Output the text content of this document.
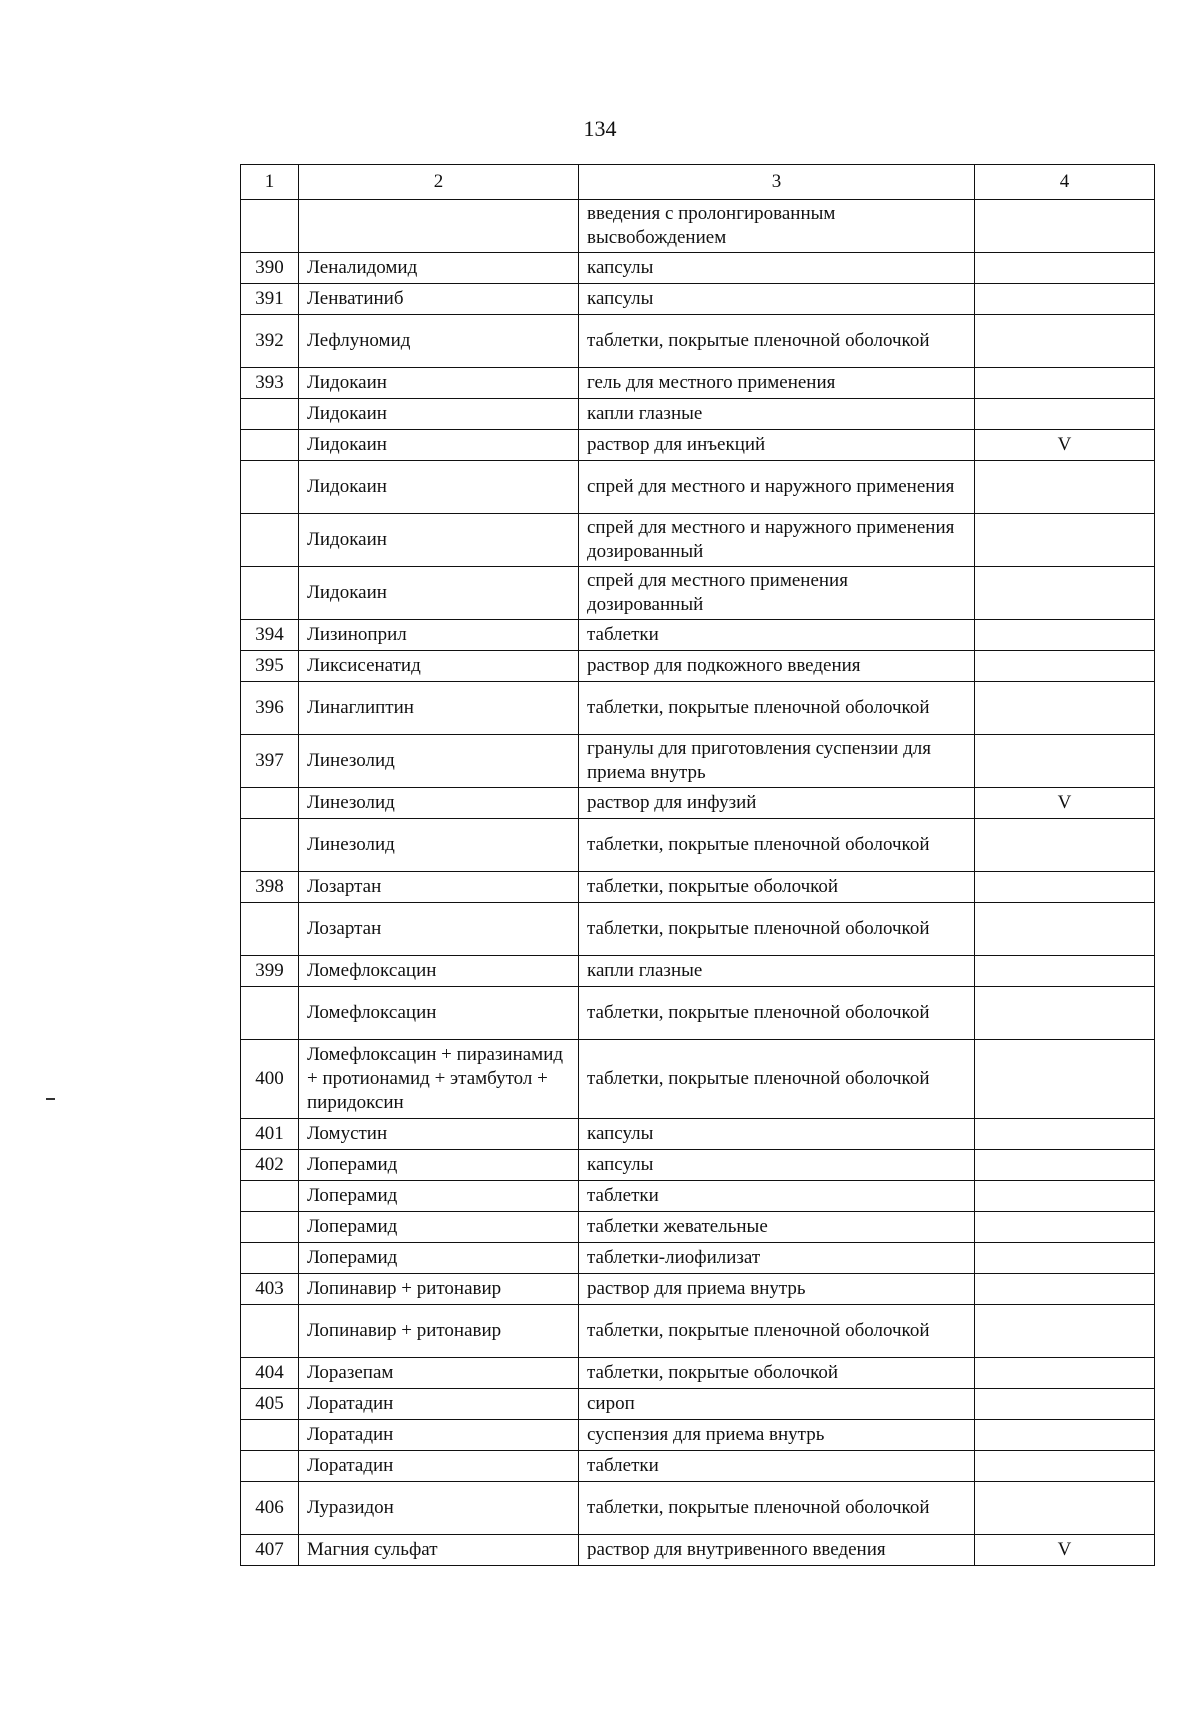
134
1	2	3	4
		введения с пролонгированным высвобождением	
390	Леналидомид	капсулы	
391	Ленватиниб	капсулы	
392	Лефлуномид	таблетки, покрытые пленочной оболочкой	
393	Лидокаин	гель для местного применения	
	Лидокаин	капли глазные	
	Лидокаин	раствор для инъекций	V
	Лидокаин	спрей для местного и наружного применения	
	Лидокаин	спрей для местного и наружного применения дозированный	
	Лидокаин	спрей для местного применения дозированный	
394	Лизиноприл	таблетки	
395	Ликсисенатид	раствор для подкожного введения	
396	Линаглиптин	таблетки, покрытые пленочной оболочкой	
397	Линезолид	гранулы для приготовления суспензии для приема внутрь	
	Линезолид	раствор для инфузий	V
	Линезолид	таблетки, покрытые пленочной оболочкой	
398	Лозартан	таблетки, покрытые оболочкой	
	Лозартан	таблетки, покрытые пленочной оболочкой	
399	Ломефлоксацин	капли глазные	
	Ломефлоксацин	таблетки, покрытые пленочной оболочкой	
400	Ломефлоксацин + пиразинамид + протионамид + этамбутол + пиридоксин	таблетки, покрытые пленочной оболочкой	
401	Ломустин	капсулы	
402	Лоперамид	капсулы	
	Лоперамид	таблетки	
	Лоперамид	таблетки жевательные	
	Лоперамид	таблетки-лиофилизат	
403	Лопинавир + ритонавир	раствор для приема внутрь	
	Лопинавир + ритонавир	таблетки, покрытые пленочной оболочкой	
404	Лоразепам	таблетки, покрытые оболочкой	
405	Лоратадин	сироп	
	Лоратадин	суспензия для приема внутрь	
	Лоратадин	таблетки	
406	Луразидон	таблетки, покрытые пленочной оболочкой	
407	Магния сульфат	раствор для внутривенного введения	V
